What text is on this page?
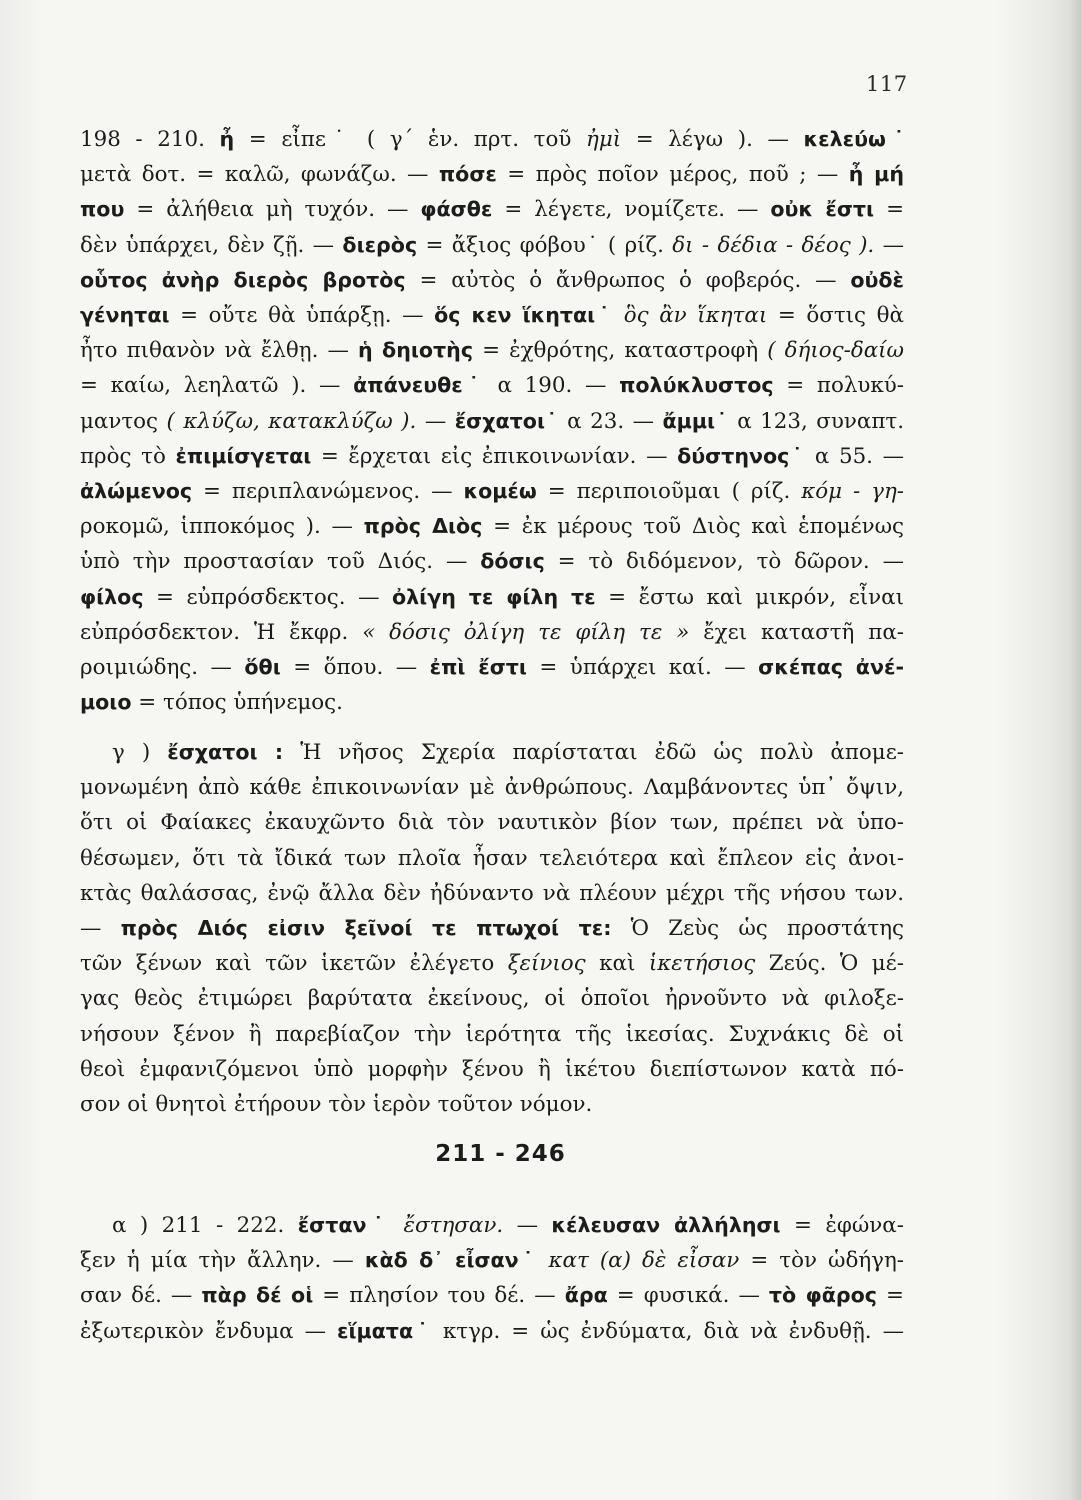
117
198 - 210. ἦ = εἶπε˙ ( γ΄ ἑν. πρτ. τοῦ ἠμὶ = λέγω ). — κελεύω˙
μετὰ δοτ. = καλῶ, φωνάζω. — πόσε = πρὸς ποῖον μέρος, ποῦ ; — ἦ μή
που = ἀλήθεια μὴ τυχόν. — φάσθε = λέγετε, νομίζετε. — οὐκ ἔστι =
δὲν ὑπάρχει, δὲν ζῇ. — διερὸς = ἄξιος φόβου˙ ( ρίζ. δι - δέδια - δέος ). —
οὗτος ἀνὴρ διερὸς βροτὸς = αὐτὸς ὁ ἄνθρωπος ὁ φοβερός. — οὐδὲ
γένηται = οὔτε θὰ ὑπάρξῃ. — ὅς κεν ἵκηται˙ ὃς ἂν ἵκηται = ὅστις θὰ
ἦτο πιθανὸν νὰ ἔλθῃ. — ἡ δηιοτὴς = ἐχθρότης, καταστροφὴ ( δήιος-δαίω
= καίω, λεηλατῶ ). — ἀπάνευθε˙ α 190. — πολύκλυστος = πολυκύ-
μαντος ( κλύζω, κατακλύζω ). — ἔσχατοι˙ α 23. — ἄμμι˙ α 123, συναπτ.
πρὸς τὸ ἐπιμίσγεται = ἔρχεται εἰς ἐπικοινωνίαν. — δύστηνος˙ α 55. —
ἀλώμενος = περιπλανώμενος. — κομέω = περιποιοῦμαι ( ρίζ. κόμ - γη-
ροκομῶ, ἱπποκόμος ). — πρὸς Διὸς = ἐκ μέρους τοῦ Διὸς καὶ ἑπομένως
ὑπὸ τὴν προστασίαν τοῦ Διός. — δόσις = τὸ διδόμενον, τὸ δῶρον. —
φίλος = εὐπρόσδεκτος. — ὀλίγη τε φίλη τε = ἔστω καὶ μικρόν, εἶναι
εὐπρόσδεκτον. Ἡ ἔκφρ. « δόσις ὀλίγη τε φίλη τε » ἔχει καταστῆ πα-
ροιμιώδης. — ὅθι = ὅπου. — ἐπὶ ἔστι = ὑπάρχει καί. — σκέπας ἀνέ-
μοιο = τόπος ὑπήνεμος.
γ ) ἔσχατοι : Ἡ νῆσος Σχερία παρίσταται ἐδῶ ὡς πολὺ ἀπομε-
μονωμένη ἀπὸ κάθε ἐπικοινωνίαν μὲ ἀνθρώπους. Λαμβάνοντες ὑπ᾽ ὄψιν,
ὅτι οἱ Φαίακες ἐκαυχῶντο διὰ τὸν ναυτικὸν βίον των, πρέπει νὰ ὑπο-
θέσωμεν, ὅτι τὰ ἴδικά των πλοῖα ἦσαν τελειότερα καὶ ἔπλεον εἰς ἀνοι-
κτὰς θαλάσσας, ἐνῷ ἄλλα δὲν ἠδύναντο νὰ πλέουν μέχρι τῆς νήσου των.
— πρὸς Διός εἰσιν ξεῖνοί τε πτωχοί τε: Ὁ Ζεὺς ὡς προστάτης
τῶν ξένων καὶ τῶν ἱκετῶν ἐλέγετο ξείνιος καὶ ἱκετήσιος Ζεύς. Ὁ μέ-
γας θεὸς ἐτιμώρει βαρύτατα ἐκείνους, οἱ ὁποῖοι ἠρνοῦντο νὰ φιλοξε-
νήσουν ξένον ἢ παρεβίαζον τὴν ἱερότητα τῆς ἱκεσίας. Συχνάκις δὲ οἱ
θεοὶ ἐμφανιζόμενοι ὑπὸ μορφὴν ξένου ἢ ἱκέτου διεπίστωνον κατὰ πό-
σον οἱ θνητοὶ ἐτήρουν τὸν ἱερὸν τοῦτον νόμον.
211 - 246
α ) 211 - 222. ἔσταν˙ ἔστησαν. — κέλευσαν ἀλλήλησι = ἐφώνα-
ξεν ἡ μία τὴν ἄλλην. — κὰδ δ᾽ εἶσαν˙ κατ (α) δὲ εἶσαν = τὸν ὡδήγη-
σαν δέ. — πὰρ δέ οἱ = πλησίον του δέ. — ἄρα = φυσικά. — τὸ φᾶρος =
ἐξωτερικὸν ἔνδυμα — εἵματα˙ κτγρ. = ὡς ἐνδύματα, διὰ νὰ ἐνδυθῇ. —
